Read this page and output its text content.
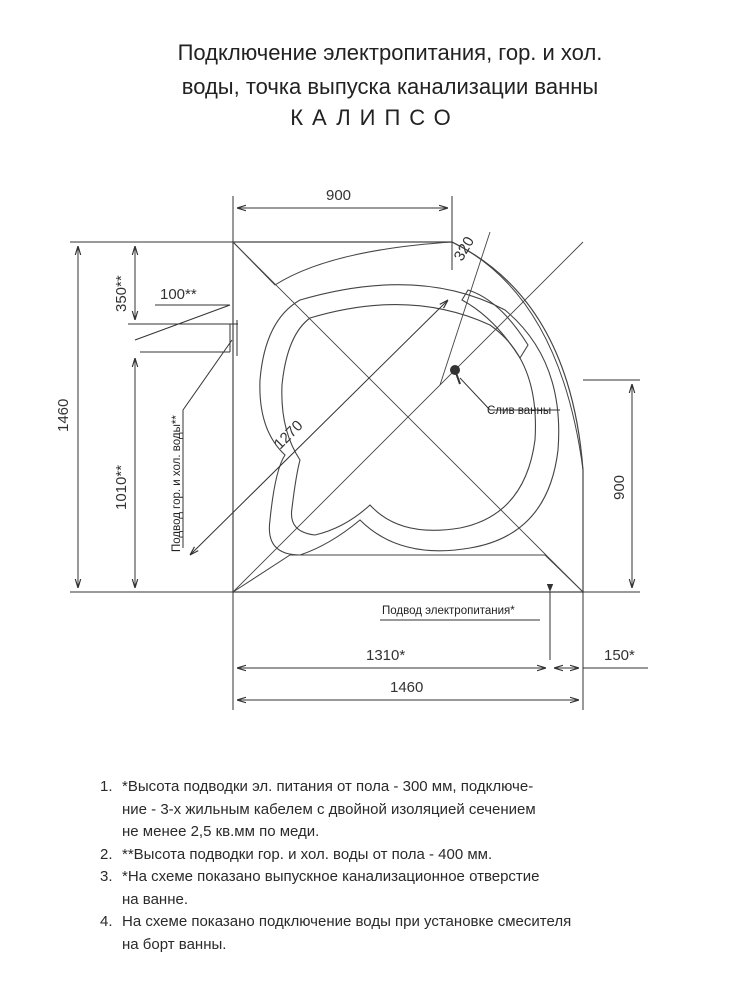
Подключение электропитания, гор. и хол.
воды, точка выпуска канализации ванны
КАЛИПСО
900
320
1460
350** 100**
1010**	Подвод гор. и хол. воды**	1270
Слив ванны
900
Подвод электропитания*
1310*	150*
1460
1. *Высота подводки эл. питания от пола - 300 мм, подключе-
ние - 3-х жильным кабелем с двойной изоляцией сечением
не менее 2,5 кв.мм по меди.
2. **Высота подводки гор. и хол. воды от пола - 400 мм.
3. *На схеме показано выпускное канализационное отверстие
на ванне.
4. На схеме показано подключение воды при установке смесителя
на борт ванны.
